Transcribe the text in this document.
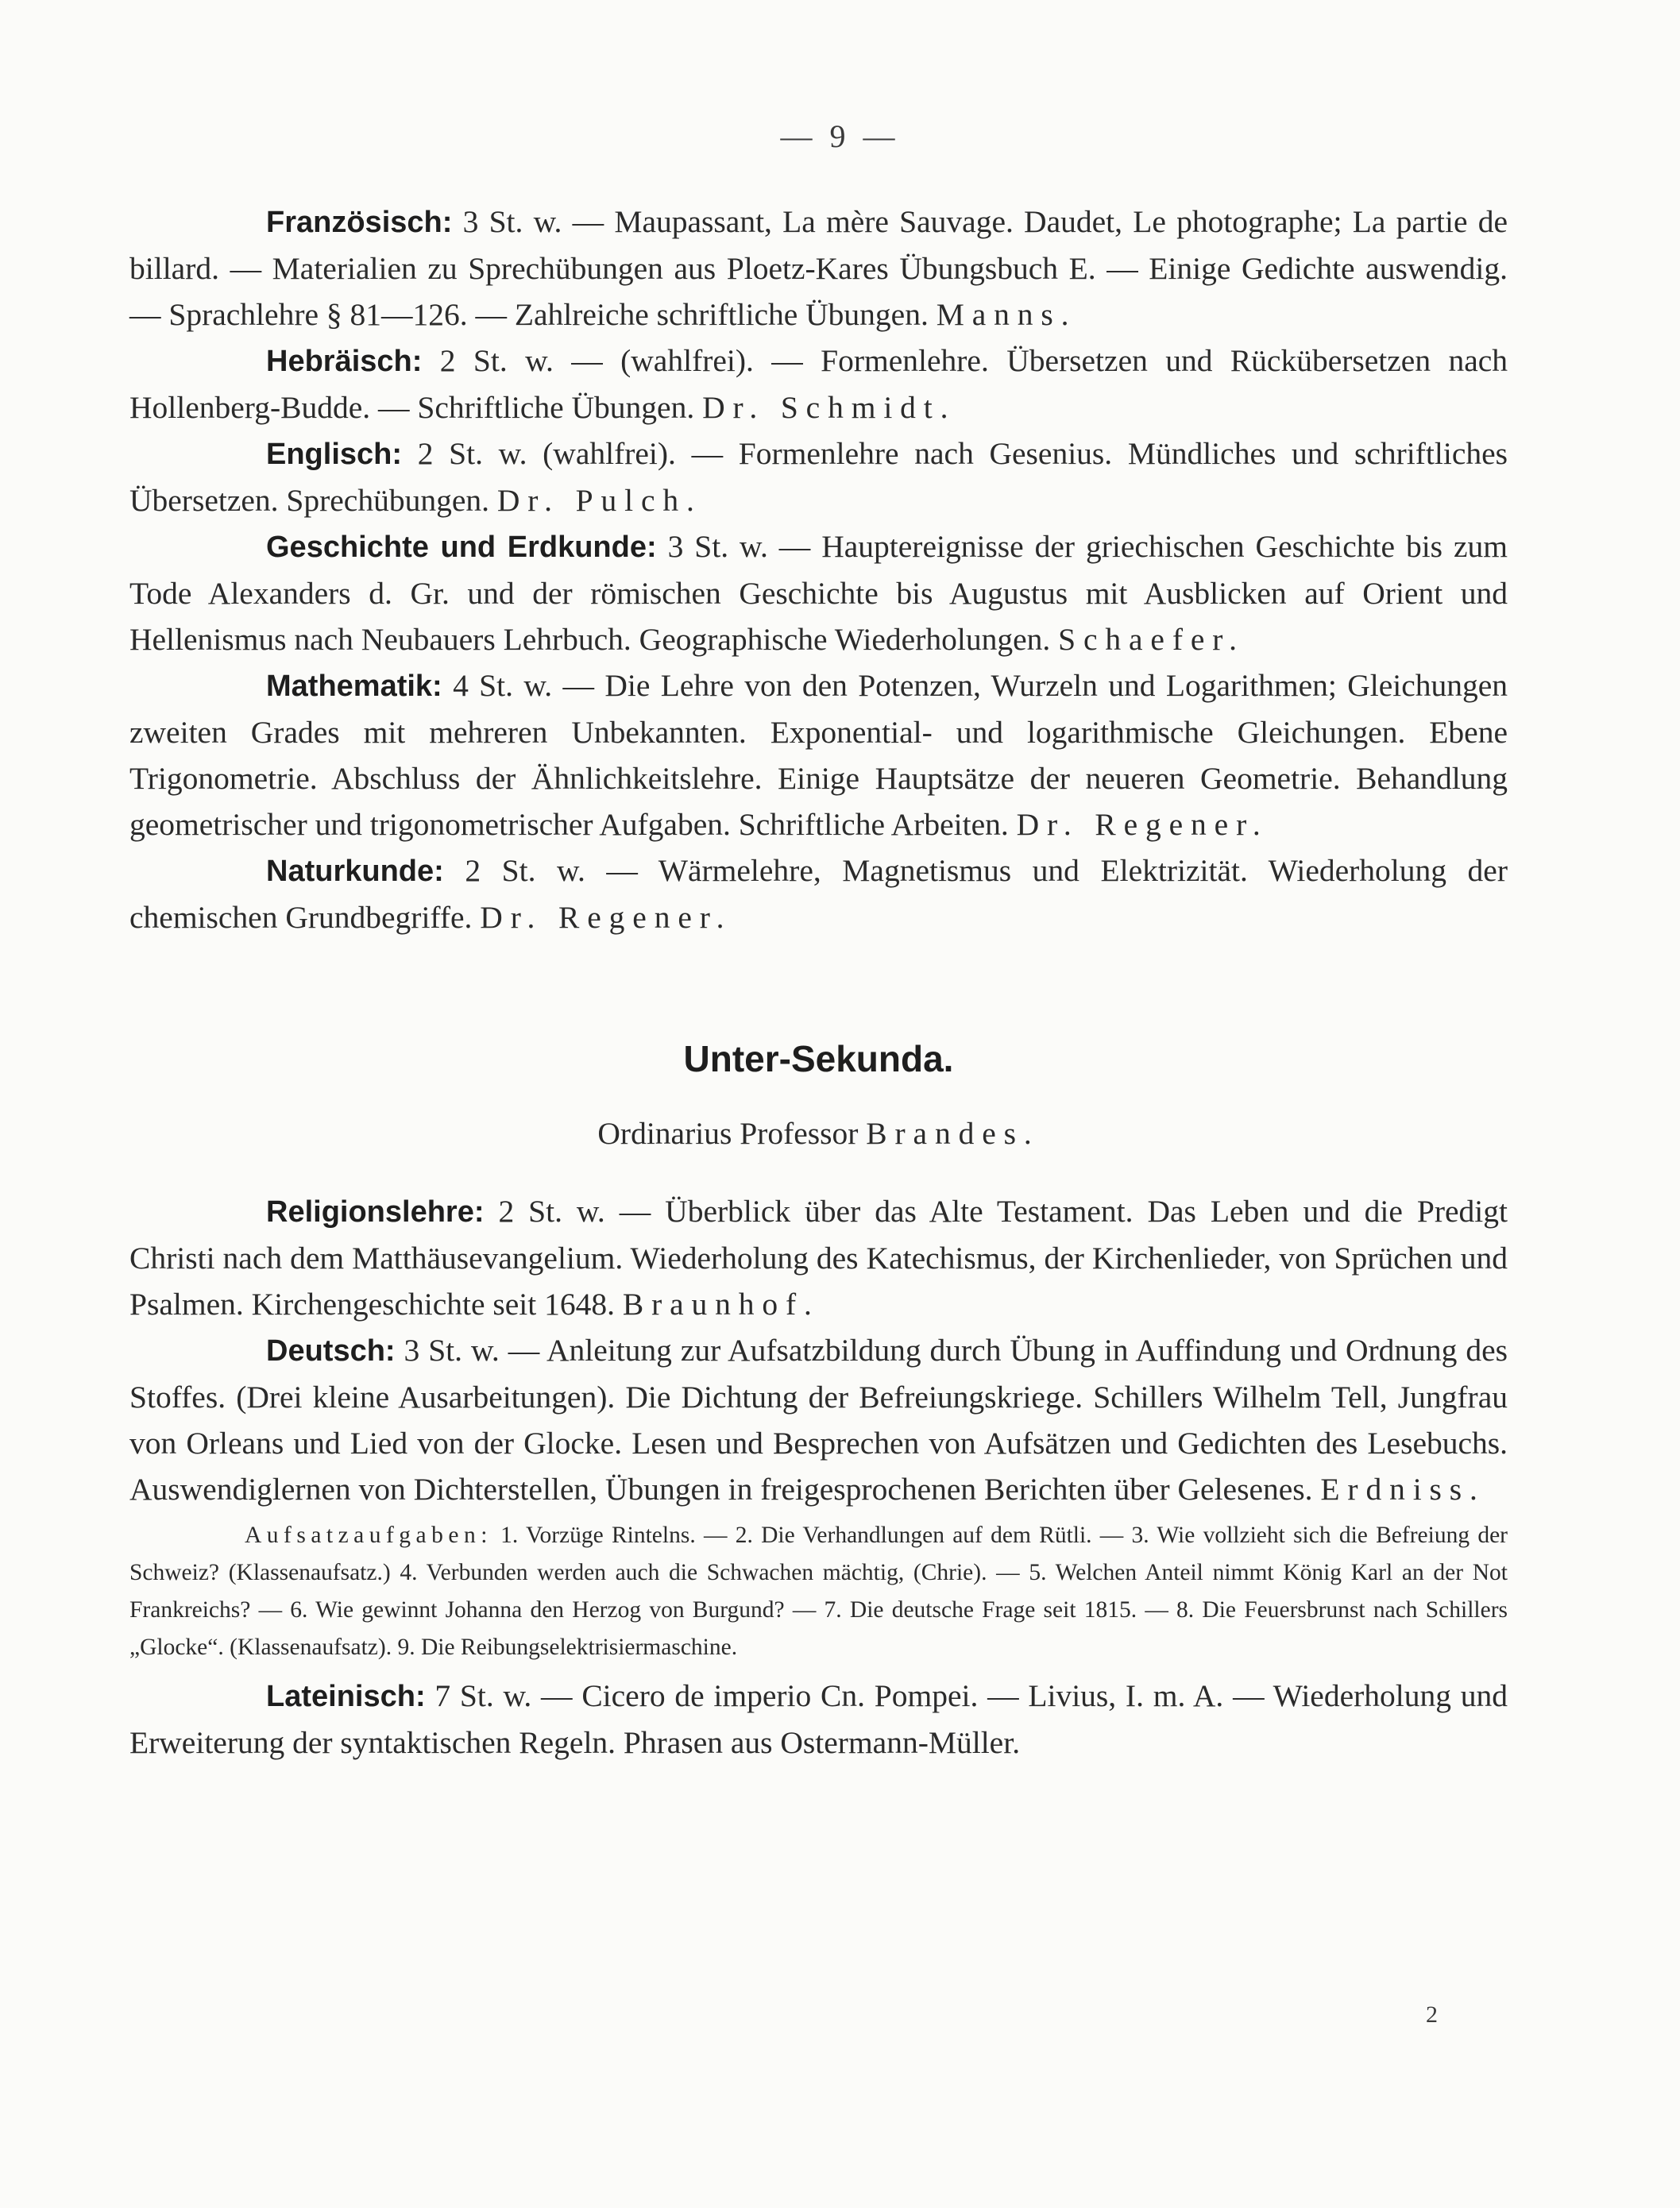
— 9 —

Französisch: 3 St. w. — Maupassant, La mère Sauvage. Daudet, Le photographe; La partie de billard. — Materialien zu Sprechübungen aus Ploetz-Kares Übungsbuch E. — Einige Gedichte auswendig. — Sprachlehre § 81—126. — Zahlreiche schriftliche Übungen. Manns.

Hebräisch: 2 St. w. — (wahlfrei). — Formenlehre. Übersetzen und Rückübersetzen nach Hollenberg-Budde. — Schriftliche Übungen. Dr. Schmidt.

Englisch: 2 St. w. (wahlfrei). — Formenlehre nach Gesenius. Mündliches und schriftliches Übersetzen. Sprechübungen. Dr. Pulch.

Geschichte und Erdkunde: 3 St. w. — Hauptereignisse der griechischen Geschichte bis zum Tode Alexanders d. Gr. und der römischen Geschichte bis Augustus mit Ausblicken auf Orient und Hellenismus nach Neubauers Lehrbuch. Geographische Wiederholungen. Schaefer.

Mathematik: 4 St. w. — Die Lehre von den Potenzen, Wurzeln und Logarithmen; Gleichungen zweiten Grades mit mehreren Unbekannten. Exponential- und logarithmische Gleichungen. Ebene Trigonometrie. Abschluss der Ähnlichkeitslehre. Einige Hauptsätze der neueren Geometrie. Behandlung geometrischer und trigonometrischer Aufgaben. Schriftliche Arbeiten. Dr. Regener.

Naturkunde: 2 St. w. — Wärmelehre, Magnetismus und Elektrizität. Wiederholung der chemischen Grundbegriffe. Dr. Regener.

Unter-Sekunda.

Ordinarius Professor Brandes.

Religionslehre: 2 St. w. — Überblick über das Alte Testament. Das Leben und die Predigt Christi nach dem Matthäusevangelium. Wiederholung des Katechismus, der Kirchenlieder, von Sprüchen und Psalmen. Kirchengeschichte seit 1648. Braunhof.

Deutsch: 3 St. w. — Anleitung zur Aufsatzbildung durch Übung in Auffindung und Ordnung des Stoffes. (Drei kleine Ausarbeitungen). Die Dichtung der Befreiungskriege. Schillers Wilhelm Tell, Jungfrau von Orleans und Lied von der Glocke. Lesen und Besprechen von Aufsätzen und Gedichten des Lesebuchs. Auswendiglernen von Dichterstellen, Übungen in freigesprochenen Berichten über Gelesenes. Erdniss.

Aufsatzaufgaben: 1. Vorzüge Rintelns. — 2. Die Verhandlungen auf dem Rütli. — 3. Wie vollzieht sich die Befreiung der Schweiz? (Klassenaufsatz.) 4. Verbunden werden auch die Schwachen mächtig, (Chrie). — 5. Welchen Anteil nimmt König Karl an der Not Frankreichs? — 6. Wie gewinnt Johanna den Herzog von Burgund? — 7. Die deutsche Frage seit 1815. — 8. Die Feuersbrunst nach Schillers „Glocke“. (Klassenaufsatz). 9. Die Reibungselektrisiermaschine.

Lateinisch: 7 St. w. — Cicero de imperio Cn. Pompei. — Livius, I. m. A. — Wiederholung und Erweiterung der syntaktischen Regeln. Phrasen aus Ostermann-Müller.

2
